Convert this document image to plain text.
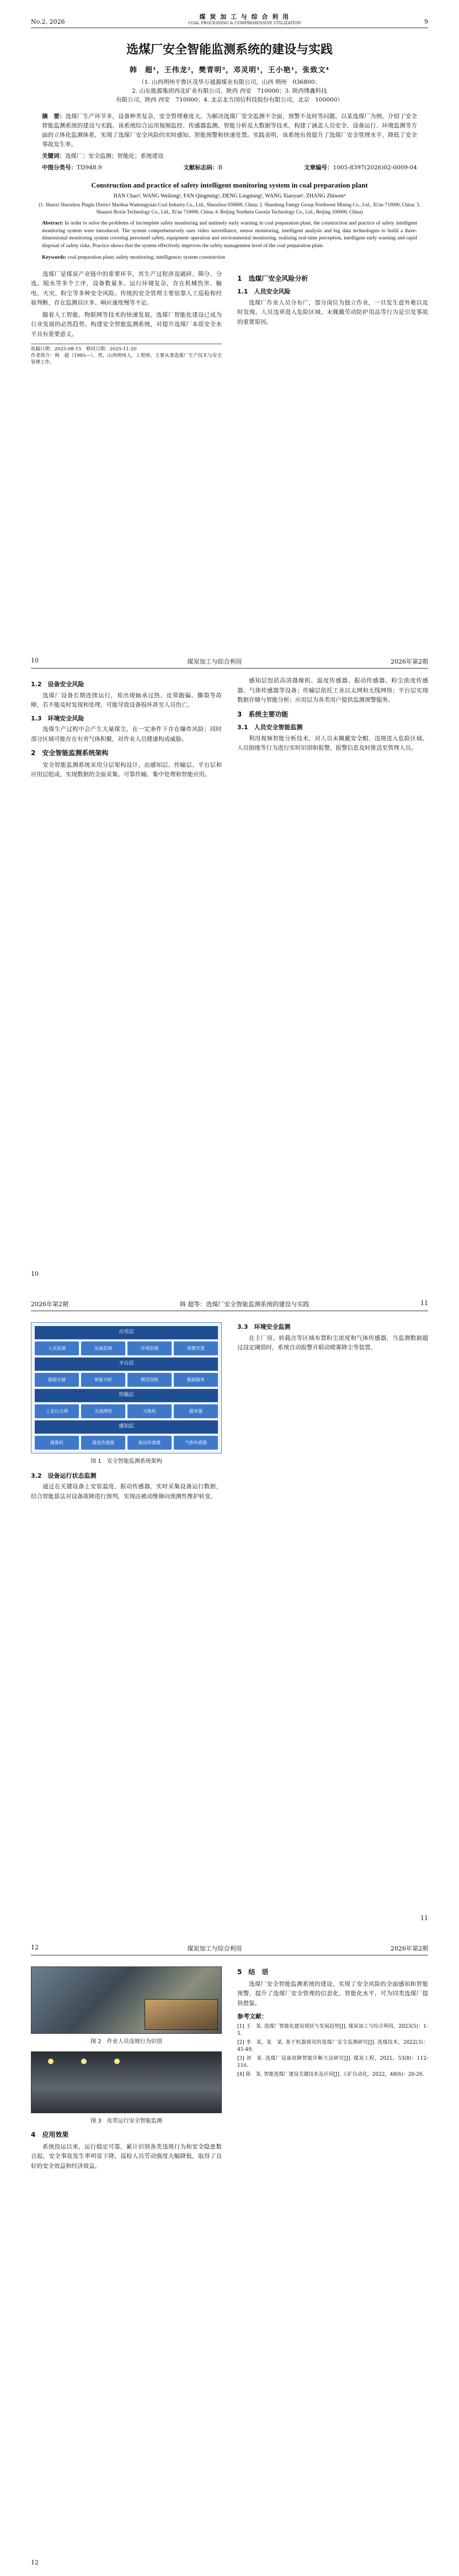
No.2, 2026
煤 炭 加 工 与 综 合 利 用
COAL PROCESSING & COMPREHENSIVE UTILIZATION	9
选煤厂安全智能监测系统的建设与实践
韩　超¹，王伟龙²，樊青明³，邓灵明¹，王小艳¹，张致文⁴
（1. 山西朔州平鲁区茂华万通源煤业有限公司，山西 朔州　036800；
2. 山东能源集团西北矿业有限公司，陕西 西安　710000；3. 陕西博鑫科技
有限公司，陕西 西安　710000；4. 北京北方国信科技股份有限公司，北京　100000）
摘　要：选煤厂生产环节多，设备种类复杂，安全管理难度大。为解决选煤厂安全监测不全面、预警不及时等问题，以某选煤厂为例，介绍了安全智能监测系统的建设与实践。该系统综合运用视频监控、传感器监测、智能分析及大数据等技术，构建了涵盖人员安全、设备运行、环境监测等方面的立体化监测体系，实现了选煤厂安全风险的实时感知、智能预警和快速处置。实践表明，该系统有效提升了选煤厂安全管理水平，降低了安全事故发生率。
关键词：选煤厂；安全监测；智能化；系统建设
中图分类号：TD948.9	文献标志码：B	文章编号：1005-8397(2026)02-0009-04
Construction and practice of safety intelligent monitoring system in coal preparation plant
HAN Chao¹, WANG Weilong², FAN Qingming³, DENG Lingming¹, WANG Xiaoyan¹, ZHANG Zhiwen⁴
(1. Shanxi Shuozhou Pinglu District Maohua Wantongyuan Coal Industry Co., Ltd., Shuozhou 036800, China; 2. Shandong Energy Group Northwest Mining Co., Ltd., Xi'an 710000, China; 3. Shaanxi Boxin Technology Co., Ltd., Xi'an 710000, China; 4. Beijing Northern Guoxin Technology Co., Ltd., Beijing 100000, China)
Abstract: In order to solve the problems of incomplete safety monitoring and untimely early warning in coal preparation plant, the construction and practice of safety intelligent monitoring system were introduced. The system comprehensively uses video surveillance, sensor monitoring, intelligent analysis and big data technologies to build a three-dimensional monitoring system covering personnel safety, equipment operation and environmental monitoring, realizing real-time perception, intelligent early warning and rapid disposal of safety risks. Practice shows that the system effectively improves the safety management level of the coal preparation plant.
Keywords: coal preparation plant; safety monitoring; intelligence; system construction

选煤厂是煤炭产业链中的重要环节，其生产过程涉及破碎、筛分、分选、脱水等多个工序，设备数量多、运行环境复杂，存在机械伤害、触电、火灾、粉尘等多种安全风险。传统的安全管理主要依靠人工巡检和经验判断，存在监测盲区多、响应速度慢等不足。

随着人工智能、物联网等技术的快速发展，选煤厂智能化建设已成为行业发展的必然趋势。构建安全智能监测系统，对提升选煤厂本质安全水平具有重要意义。

收稿日期：2025-08-15　修回日期：2025-11-20
作者简介：韩　超（1985—），男，山西朔州人，工程师，主要从事选煤厂生产技术与安全管理工作。
1　选煤厂安全风险分析
1.1　人员安全风险

选煤厂作业人员分布广，部分岗位为独立作业，一旦发生意外难以及时发现。人员违章进入危险区域、未佩戴劳动防护用品等行为是引发事故的重要原因。

10	煤炭加工与综合利用	2026年第2期
1.2　设备安全风险

选煤厂设备长期连续运行，易出现轴承过热、皮带跑偏、撕裂等故障，若不能及时发现和处理，可能导致设备损坏甚至人员伤亡。

1.3　环境安全风险

选煤生产过程中会产生大量煤尘，在一定条件下存在爆炸风险；同时部分区域可能存在有害气体积聚，对作业人员健康构成威胁。

2　安全智能监测系统架构

安全智能监测系统采用分层架构设计，由感知层、传输层、平台层和应用层组成，实现数据的全面采集、可靠传输、集中处理和智能应用。

感知层包括高清摄像机、温度传感器、振动传感器、粉尘浓度传感器、气体传感器等设备；传输层依托工业以太网和无线网络；平台层实现数据存储与智能分析；应用层为各类用户提供监测预警服务。

3　系统主要功能
3.1　人员安全智能监测

利用视频智能分析技术，对人员未佩戴安全帽、违规进入危险区域、人员倒地等行为进行实时识别和报警，报警信息及时推送至管理人员。

10
2026年第2期	韩 超等：选煤厂安全智能监测系统的建设与实践	11
应用层
人员监测	设备监测	环境监测	预警处置
平台层
数据存储	智能分析	模型训练	数据服务
传输层
工业以太网	无线网络	交换机	服务器
感知层
摄像机	温度传感器	振动传感器	气体传感器
图 1　安全智能监测系统架构
3.2　设备运行状态监测

通过在关键设备上安装温度、振动传感器，实时采集设备运行数据，结合智能算法对设备故障进行预判，实现由被动维修向预测性维护转变。

3.3　环境安全监测

在主厂房、转载点等区域布置粉尘浓度和气体传感器，当监测数据超过设定阈值时，系统自动报警并联动喷雾降尘等装置。

11
12	煤炭加工与综合利用	2026年第2期
图 2　作业人员违规行为识别
图 3　皮带运行安全智能监测
4　应用效果

系统投运以来，运行稳定可靠，累计识别各类违规行为和安全隐患数百起，安全事故发生率明显下降，巡检人员劳动强度大幅降低，取得了良好的安全效益和经济效益。

5　结　语

选煤厂安全智能监测系统的建设，实现了安全风险的全面感知和智能预警，提升了选煤厂安全管理的信息化、智能化水平，可为同类选煤厂提供借鉴。

参考文献：
[1] 王　某. 选煤厂智能化建设现状与发展趋势[J]. 煤炭加工与综合利用，2023(5)：1-5.
[2] 李　某，张　某. 基于机器视觉的选煤厂安全监测研究[J]. 选煤技术，2022(3)：45-49.
[3] 刘　某. 选煤厂设备故障智能诊断方法研究[J]. 煤炭工程，2021，53(8)：112-116.
[4] 陈　某. 智能选煤厂建设关键技术及应用[J]. 工矿自动化，2022，48(6)：20-26.
12
